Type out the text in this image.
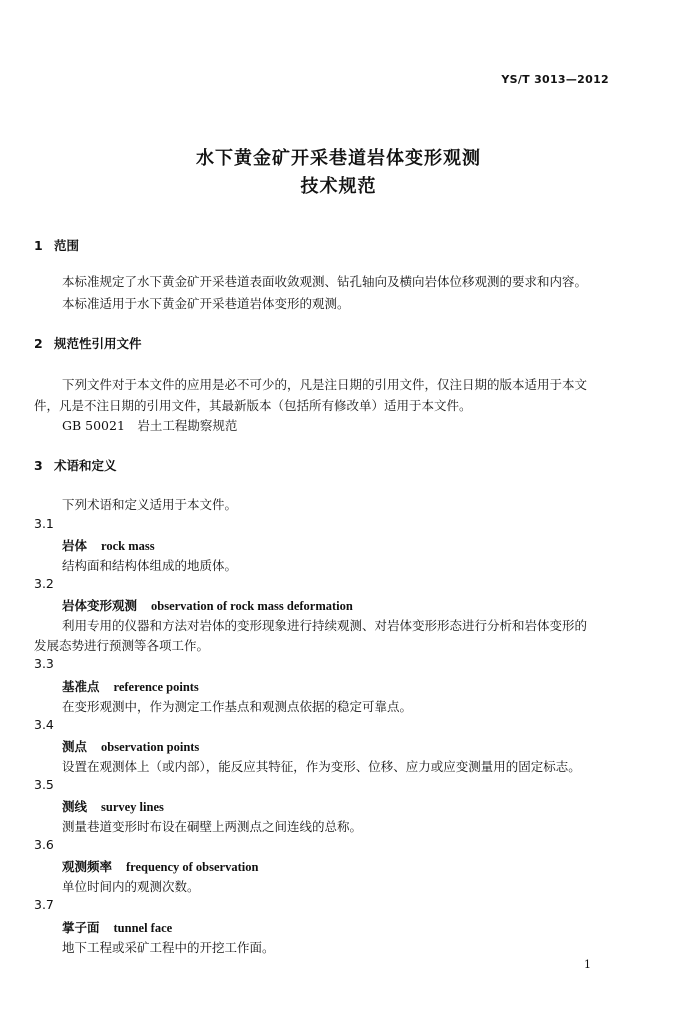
YS/T 3013—2012
水下黄金矿开采巷道岩体变形观测
技术规范
1 范围
本标准规定了水下黄金矿开采巷道表面收敛观测、钻孔轴向及横向岩体位移观测的要求和内容。
本标准适用于水下黄金矿开采巷道岩体变形的观测。
2 规范性引用文件
下列文件对于本文件的应用是必不可少的，凡是注日期的引用文件，仅注日期的版本适用于本文
件，凡是不注日期的引用文件，其最新版本（包括所有修改单）适用于本文件。
GB 50021　岩土工程勘察规范
3 术语和定义
下列术语和定义适用于本文件。
3.1
岩体 rock mass
结构面和结构体组成的地质体。
3.2
岩体变形观测 observation of rock mass deformation
利用专用的仪器和方法对岩体的变形现象进行持续观测、对岩体变形形态进行分析和岩体变形的
发展态势进行预测等各项工作。
3.3
基准点 reference points
在变形观测中，作为测定工作基点和观测点依据的稳定可靠点。
3.4
测点 observation points
设置在观测体上（或内部），能反应其特征，作为变形、位移、应力或应变测量用的固定标志。
3.5
测线 survey lines
测量巷道变形时布设在硐壁上两测点之间连线的总称。
3.6
观测频率 frequency of observation
单位时间内的观测次数。
3.7
掌子面 tunnel face
地下工程或采矿工程中的开挖工作面。
1
